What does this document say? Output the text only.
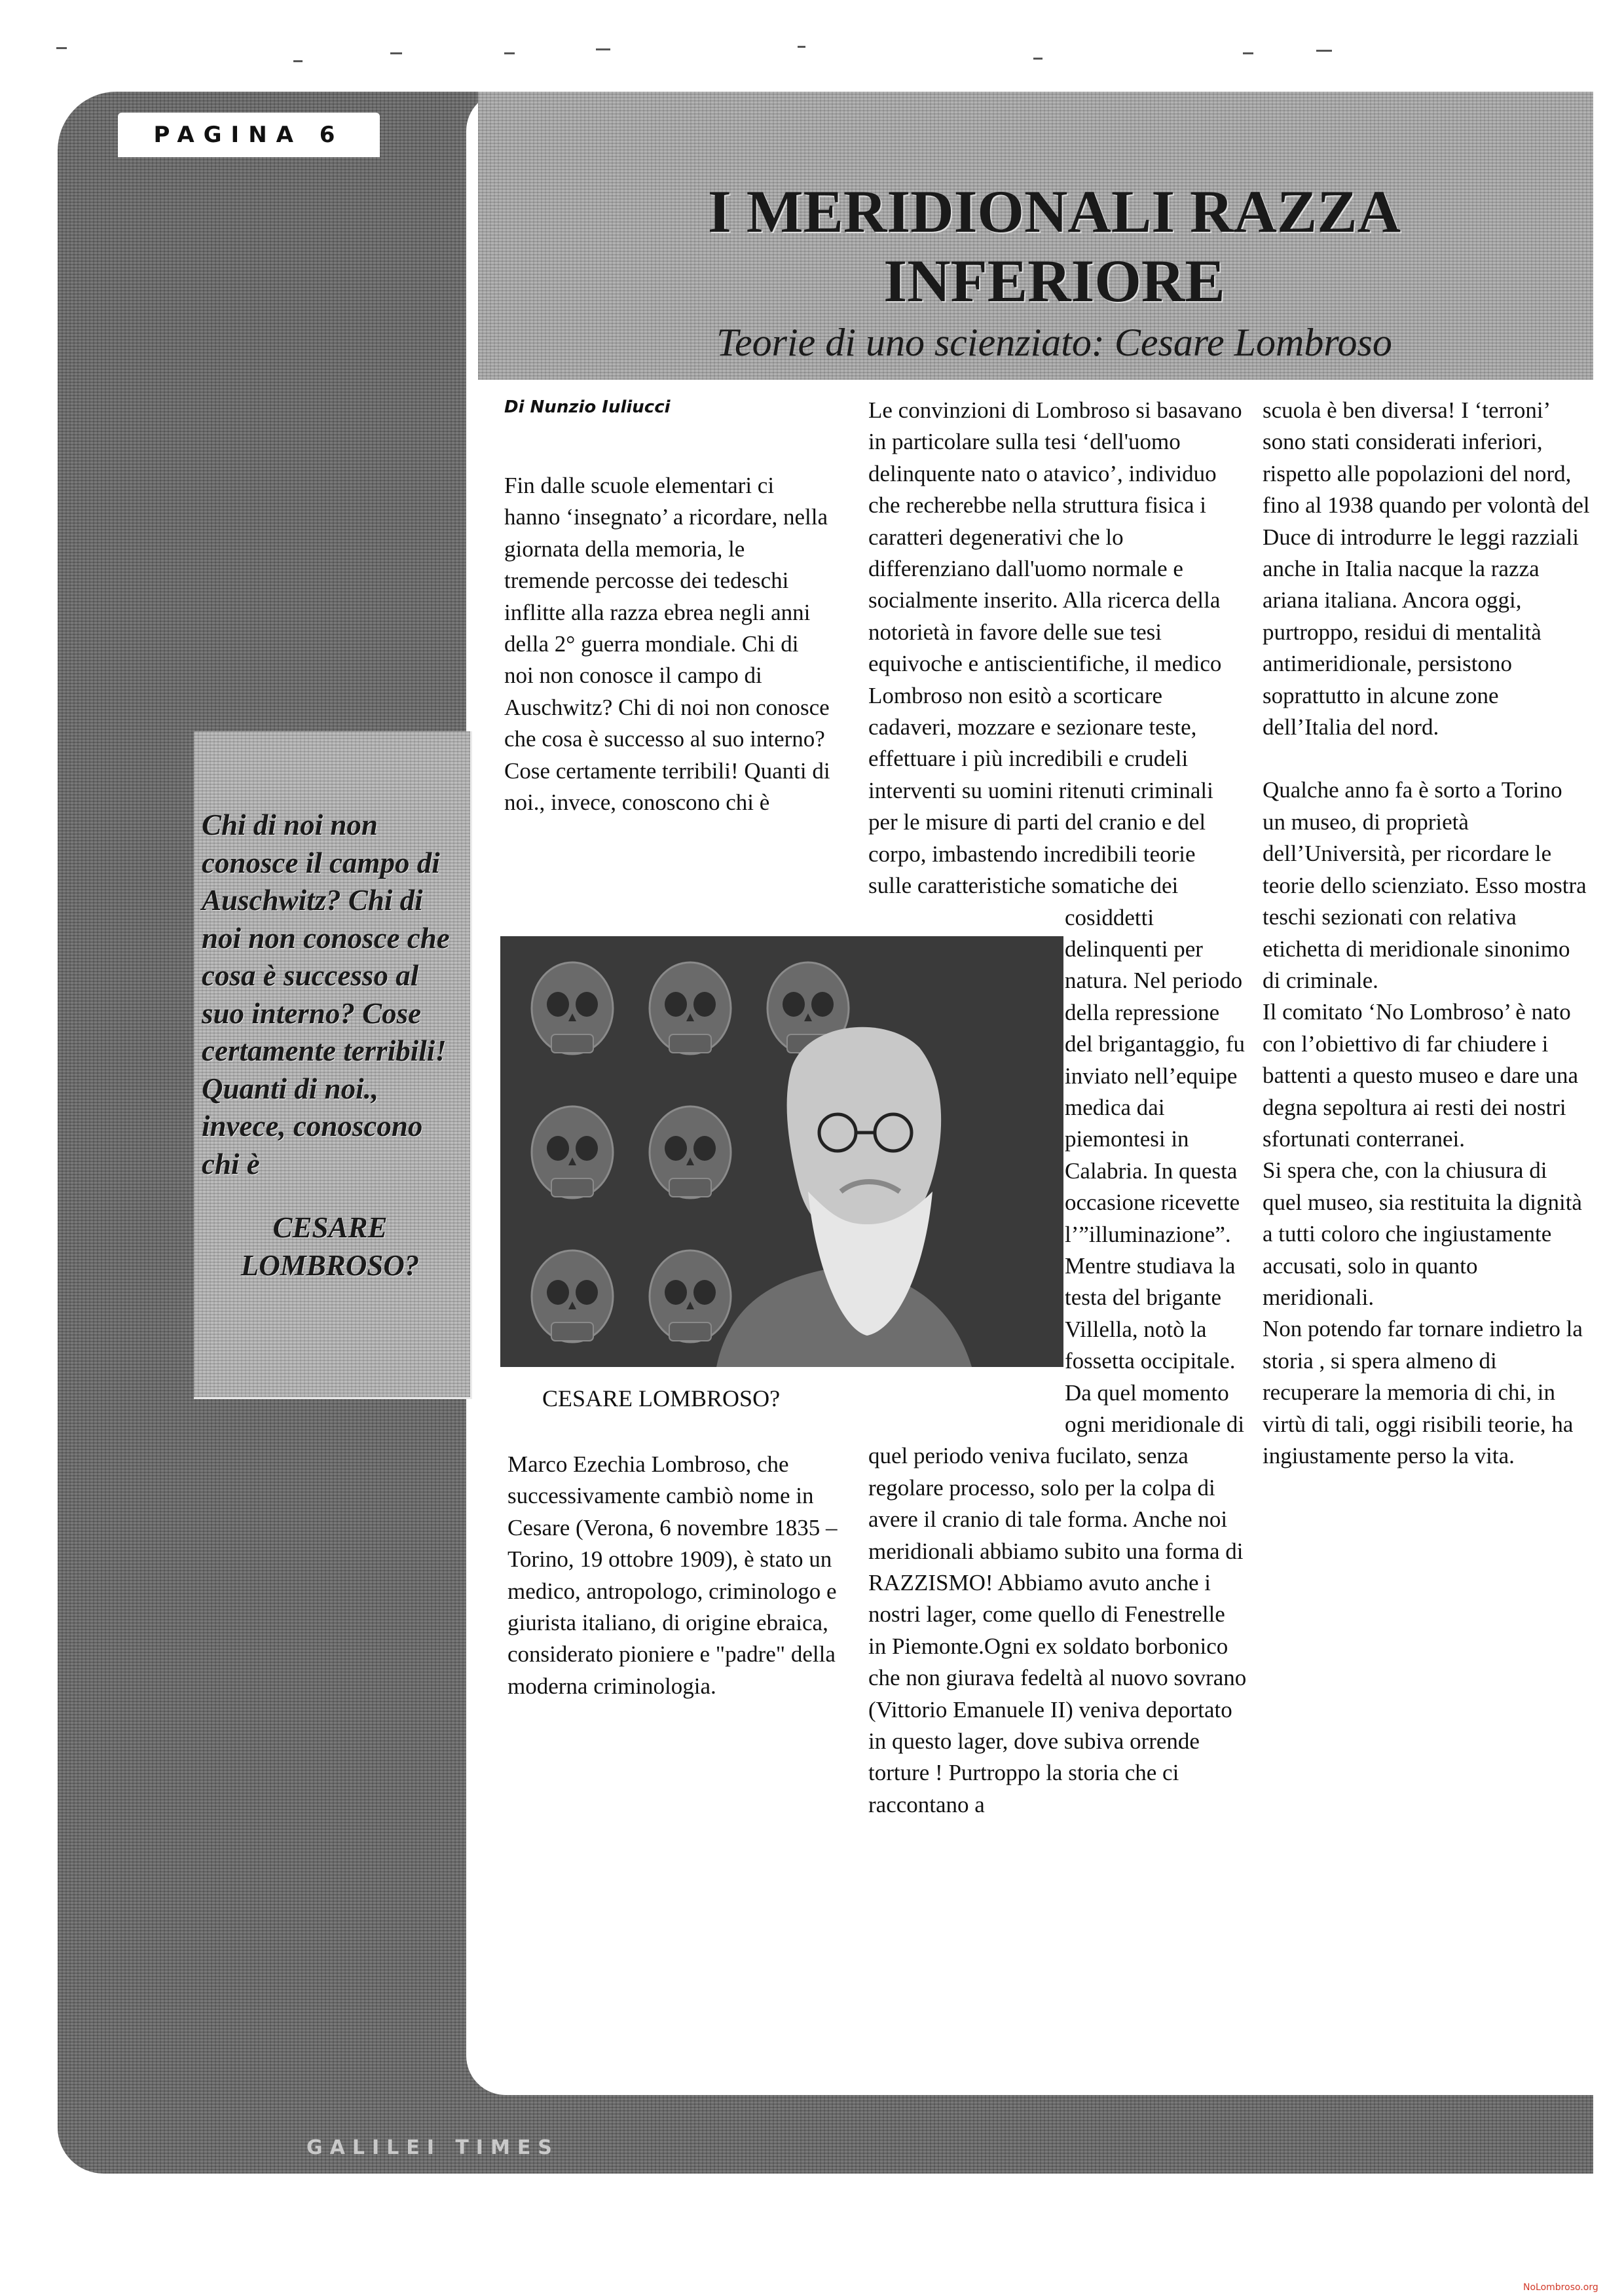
PAGINA 6
I MERIDIONALI RAZZA
INFERIORE

Teorie di uno scienziato: Cesare Lombroso

Di Nunzio Iuliucci

Fin dalle scuole elementari ci hanno ‘insegnato’ a ricordare, nella giornata della memoria, le tremende percosse dei tedeschi inflitte alla razza ebrea negli anni della 2° guerra mondiale. Chi di noi non conosce il campo di Auschwitz? Chi di noi non conosce che cosa è successo al suo interno? Cose certamente terribili! Quanti di noi., invece, conoscono chi è

CESARE LOMBROSO?

Marco Ezechia Lombroso, che successivamente cambiò nome in Cesare (Verona, 6 novembre 1835 – Torino, 19 ottobre 1909), è stato un medico, antropologo, criminologo e giurista italiano, di origine ebraica, considerato pioniere e "padre" della moderna criminologia.

Le convinzioni di Lombroso si basavano in particolare sulla tesi ‘dell'uomo delinquente nato o atavico’, individuo che recherebbe nella struttura fisica i caratteri degenerativi che lo differenziano dall'uomo normale e socialmente inserito. Alla ricerca della notorietà in favore delle sue tesi equivoche e antiscientifiche, il medico Lombroso non esitò a scorticare cadaveri, mozzare e sezionare teste, effettuare i più incredibili e crudeli interventi su uomini ritenuti criminali per le misure di parti del cranio e del corpo, imbastendo incredibili teorie sulle caratteristiche somatiche dei cosiddetti delinquenti per natura. Nel periodo della repressione del brigantaggio, fu inviato nell’equipe medica dai piemontesi in Calabria. In questa occasione ricevette l’”illuminazione”. Mentre studiava la testa del brigante Villella, notò la fossetta occipitale. Da quel momento ogni meridionale di quel periodo veniva fucilato, senza regolare processo, solo per la colpa di avere il cranio di tale forma. Anche noi meridionali abbiamo subito una forma di RAZZISMO! Abbiamo avuto anche i nostri lager, come quello di Fenestrelle in Piemonte.Ogni ex soldato borbonico che non giurava fedeltà al nuovo sovrano (Vittorio Emanuele II) veniva deportato in questo lager, dove subiva orrende torture ! Purtroppo la storia che ci raccontano a

scuola è ben diversa! I ‘terroni’ sono stati considerati inferiori, rispetto alle popolazioni del nord, fino al 1938 quando per volontà del Duce di introdurre le leggi razziali anche in Italia nacque la razza ariana italiana. Ancora oggi, purtroppo, residui di mentalità antimeridionale, persistono soprattutto in alcune zone dell’Italia del nord.

Qualche anno fa è sorto a Torino un museo, di proprietà dell’Università, per ricordare le teorie dello scienziato. Esso mostra teschi sezionati con relativa etichetta di meridionale sinonimo di criminale.

Il comitato ‘No Lombroso’ è nato con l’obiettivo di far chiudere i battenti a questo museo e dare una degna sepoltura ai resti dei nostri sfortunati conterranei.

Si spera che, con la chiusura di quel museo, sia restituita la dignità a tutti coloro che ingiustamente accusati, solo in quanto meridionali.

Non potendo far tornare indietro la storia , si spera almeno di recuperare la memoria di chi, in virtù di tali, oggi risibili teorie, ha ingiustamente perso la vita.

Chi di noi non conosce il campo di Auschwitz? Chi di noi non conosce che cosa è successo al suo interno? Cose certamente terribili! Quanti di noi., invece, conoscono chi è

CESARE LOMBROSO?

GALILEI TIMES
NoLombroso.org
